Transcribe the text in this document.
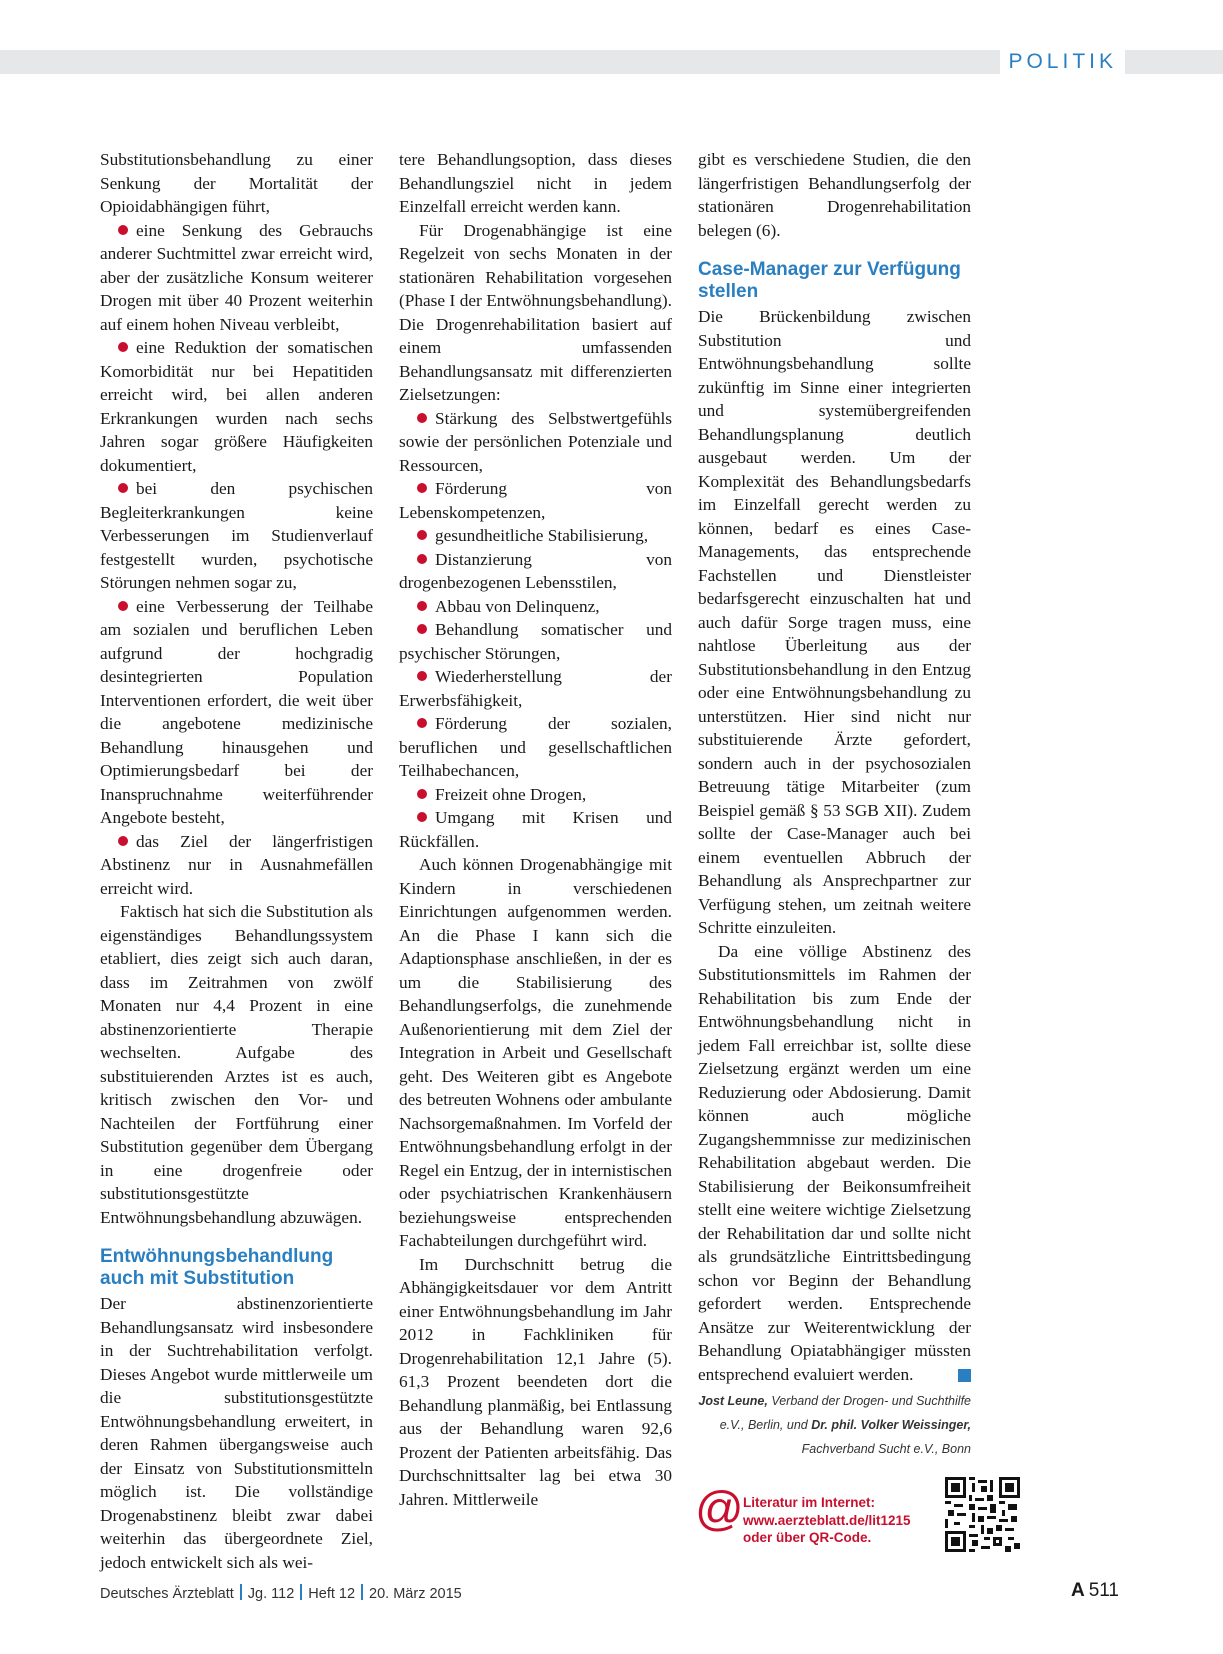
POLITIK

Substitutionsbehandlung zu einer Senkung der Mortalität der Opioidabhängigen führt,

eine Senkung des Gebrauchs anderer Suchtmittel zwar erreicht wird, aber der zusätzliche Konsum weiterer Drogen mit über 40 Prozent weiterhin auf einem hohen Niveau verbleibt,

eine Reduktion der somatischen Komorbidität nur bei Hepatitiden erreicht wird, bei allen anderen Erkrankungen wurden nach sechs Jahren sogar größere Häufigkeiten dokumentiert,

bei den psychischen Begleiterkrankungen keine Verbesserungen im Studienverlauf festgestellt wurden, psychotische Störungen nehmen sogar zu,

eine Verbesserung der Teilhabe am sozialen und beruflichen Leben aufgrund der hochgradig desintegrierten Population Interventionen erfordert, die weit über die angebotene medizinische Behandlung hinausgehen und Optimierungsbedarf bei der Inanspruchnahme weiterführender Angebote besteht,

das Ziel der längerfristigen Abstinenz nur in Ausnahmefällen erreicht wird.

Faktisch hat sich die Substitution als eigenständiges Behandlungssystem etabliert, dies zeigt sich auch daran, dass im Zeitrahmen von zwölf Monaten nur 4,4 Prozent in eine abstinenzorientierte Therapie wechselten. Aufgabe des substituierenden Arztes ist es auch, kritisch zwischen den Vor- und Nachteilen der Fortführung einer Substitution gegenüber dem Übergang in eine drogenfreie oder substitutionsgestützte Entwöhnungsbehandlung abzuwägen.

Entwöhnungsbehandlung auch mit Substitution

Der abstinenzorientierte Behandlungsansatz wird insbesondere in der Suchtrehabilitation verfolgt. Dieses Angebot wurde mittlerweile um die substitutionsgestützte Entwöhnungsbehandlung erweitert, in deren Rahmen übergangsweise auch der Einsatz von Substitutionsmitteln möglich ist. Die vollständige Drogenabstinenz bleibt zwar dabei weiterhin das übergeordnete Ziel, jedoch entwickelt sich als wei-

tere Behandlungsoption, dass dieses Behandlungsziel nicht in jedem Einzelfall erreicht werden kann.

Für Drogenabhängige ist eine Regelzeit von sechs Monaten in der stationären Rehabilitation vorgesehen (Phase I der Entwöhnungsbehandlung). Die Drogenrehabilitation basiert auf einem umfassenden Behandlungsansatz mit differenzierten Zielsetzungen:

Stärkung des Selbstwertgefühls sowie der persönlichen Potenziale und Ressourcen,

Förderung von Lebenskompetenzen,

gesundheitliche Stabilisierung,

Distanzierung von drogenbezogenen Lebensstilen,

Abbau von Delinquenz,

Behandlung somatischer und psychischer Störungen,

Wiederherstellung der Erwerbsfähigkeit,

Förderung der sozialen, beruflichen und gesellschaftlichen Teilhabechancen,

Freizeit ohne Drogen,

Umgang mit Krisen und Rückfällen.

Auch können Drogenabhängige mit Kindern in verschiedenen Einrichtungen aufgenommen werden. An die Phase I kann sich die Adaptionsphase anschließen, in der es um die Stabilisierung des Behandlungserfolgs, die zunehmende Außenorientierung mit dem Ziel der Integration in Arbeit und Gesellschaft geht. Des Weiteren gibt es Angebote des betreuten Wohnens oder ambulante Nachsorgemaßnahmen. Im Vorfeld der Entwöhnungsbehandlung erfolgt in der Regel ein Entzug, der in internistischen oder psychiatrischen Krankenhäusern beziehungsweise entsprechenden Fachabteilungen durchgeführt wird.

Im Durchschnitt betrug die Abhängigkeitsdauer vor dem Antritt einer Entwöhnungsbehandlung im Jahr 2012 in Fachkliniken für Drogenrehabilitation 12,1 Jahre (5). 61,3 Prozent beendeten dort die Behandlung planmäßig, bei Entlassung aus der Behandlung waren 92,6 Prozent der Patienten arbeitsfähig. Das Durchschnittsalter lag bei etwa 30 Jahren. Mittlerweile

gibt es verschiedene Studien, die den längerfristigen Behandlungserfolg der stationären Drogenrehabilitation belegen (6).

Case-Manager zur Verfügung stellen

Die Brückenbildung zwischen Substitution und Entwöhnungsbehandlung sollte zukünftig im Sinne einer integrierten und systemübergreifenden Behandlungsplanung deutlich ausgebaut werden. Um der Komplexität des Behandlungsbedarfs im Einzelfall gerecht werden zu können, bedarf es eines Case-Managements, das entsprechende Fachstellen und Dienstleister bedarfsgerecht einzuschalten hat und auch dafür Sorge tragen muss, eine nahtlose Überleitung aus der Substitutionsbehandlung in den Entzug oder eine Entwöhnungsbehandlung zu unterstützen. Hier sind nicht nur substituierende Ärzte gefordert, sondern auch in der psychosozialen Betreuung tätige Mitarbeiter (zum Beispiel gemäß § 53 SGB XII). Zudem sollte der Case-Manager auch bei einem eventuellen Abbruch der Behandlung als Ansprechpartner zur Verfügung stehen, um zeitnah weitere Schritte einzuleiten.

Da eine völlige Abstinenz des Substitutionsmittels im Rahmen der Rehabilitation bis zum Ende der Entwöhnungsbehandlung nicht in jedem Fall erreichbar ist, sollte diese Zielsetzung ergänzt werden um eine Reduzierung oder Abdosierung. Damit können auch mögliche Zugangshemmnisse zur medizinischen Rehabilitation abgebaut werden. Die Stabilisierung der Beikonsumfreiheit stellt eine weitere wichtige Zielsetzung der Rehabilitation dar und sollte nicht als grundsätzliche Eintrittsbedingung schon vor Beginn der Behandlung gefordert werden. Entsprechende Ansätze zur Weiterentwicklung der Behandlung Opiatabhängiger müssten entsprechend evaluiert werden.

Jost Leune, Verband der Drogen- und Suchthilfe e.V., Berlin, und Dr. phil. Volker Weissinger,
Fachverband Sucht e.V., Bonn

@ Literatur im Internet:
www.aerzteblatt.de/lit1215
oder über QR-Code.
Deutsches Ärzteblatt Jg. 112 Heft 12 20. März 2015	A 511
